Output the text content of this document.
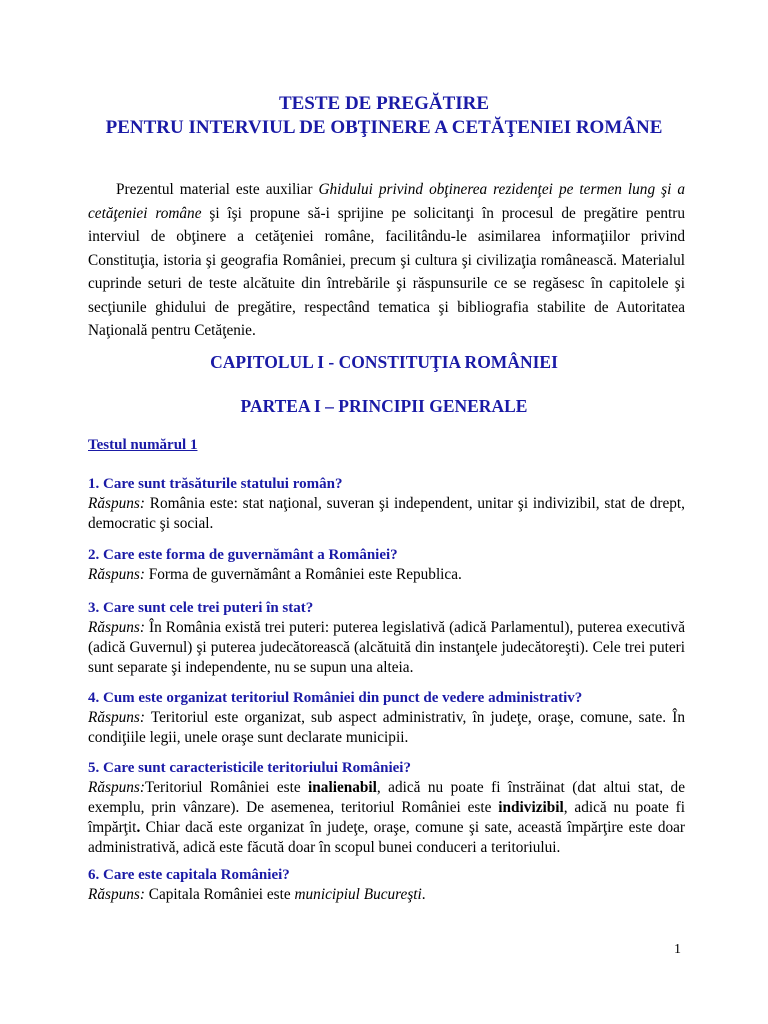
TESTE DE PREGĂTIRE
PENTRU INTERVIUL DE OBŢINERE A CETĂŢENIEI ROMÂNE
Prezentul material este auxiliar Ghidului privind obţinerea rezidenţei pe termen lung şi a cetăţeniei române şi îşi propune să-i sprijine pe solicitanţi în procesul de pregătire pentru interviul de obţinere a cetăţeniei române, facilitându-le asimilarea informaţiilor privind Constituţia, istoria şi geografia României, precum şi cultura şi civilizaţia românească. Materialul cuprinde seturi de teste alcătuite din întrebările şi răspunsurile ce se regăsesc în capitolele şi secţiunile ghidului de pregătire, respectând tematica şi bibliografia stabilite de Autoritatea Naţională pentru Cetăţenie.
CAPITOLUL I - CONSTITUŢIA ROMÂNIEI
PARTEA I – PRINCIPII GENERALE
Testul numărul 1
1. Care sunt trăsăturile statului român?
Răspuns: România este: stat naţional, suveran şi independent, unitar şi indivizibil, stat de drept, democratic şi social.
2. Care este forma de guvernământ a României?
Răspuns: Forma de guvernământ a României este Republica.
3. Care sunt cele trei puteri în stat?
Răspuns: În România există trei puteri: puterea legislativă (adică Parlamentul), puterea executivă (adică Guvernul) şi puterea judecătorească (alcătuită din instanţele judecătoreşti). Cele trei puteri sunt separate şi independente, nu se supun una alteia.
4. Cum este organizat teritoriul României din punct de vedere administrativ?
Răspuns: Teritoriul este organizat, sub aspect administrativ, în judeţe, oraşe, comune, sate. În condiţiile legii, unele oraşe sunt declarate municipii.
5. Care sunt caracteristicile teritoriului României?
Răspuns:Teritoriul României este inalienabil, adică nu poate fi înstrăinat (dat altui stat, de exemplu, prin vânzare). De asemenea, teritoriul României este indivizibil, adică nu poate fi împărţit. Chiar dacă este organizat în judeţe, oraşe, comune şi sate, această împărţire este doar administrativă, adică este făcută doar în scopul bunei conduceri a teritoriului.
6. Care este capitala României?
Răspuns: Capitala României este municipiul Bucureşti.
1
